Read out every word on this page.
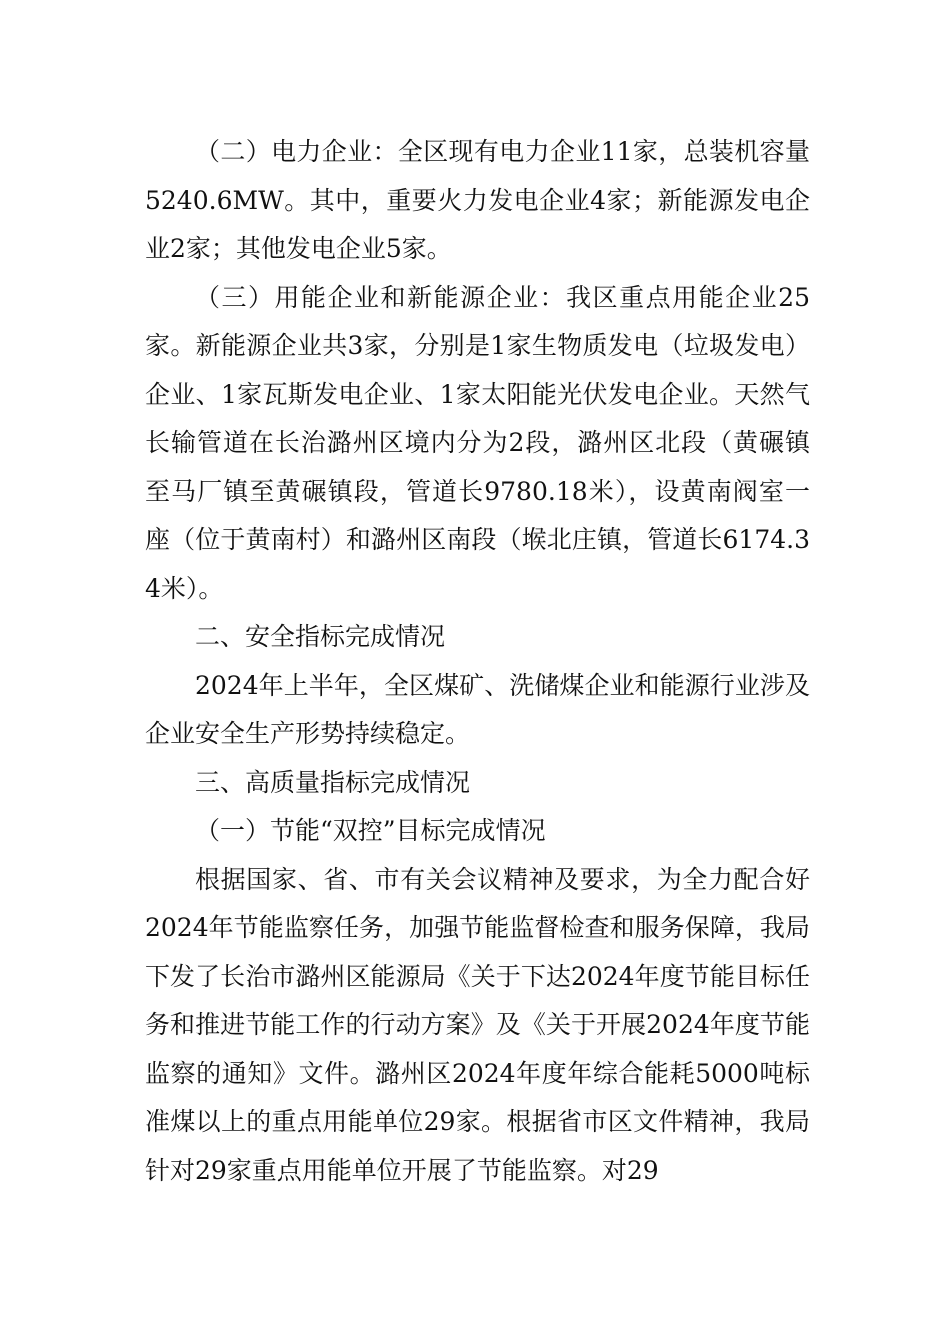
（二）电力企业：全区现有电力企业11家，总装机容量5240.6MW。其中，重要火力发电企业4家；新能源发电企业2家；其他发电企业5家。

（三）用能企业和新能源企业：我区重点用能企业25家。新能源企业共3家，分别是1家生物质发电（垃圾发电）企业、1家瓦斯发电企业、1家太阳能光伏发电企业。天然气长输管道在长治潞州区境内分为2段，潞州区北段（黄碾镇至马厂镇至黄碾镇段，管道长9780.18米），设黄南阀室一座（位于黄南村）和潞州区南段（堠北庄镇，管道长6174.34米）。

二、安全指标完成情况

2024年上半年，全区煤矿、洗储煤企业和能源行业涉及企业安全生产形势持续稳定。

三、高质量指标完成情况

（一）节能“双控”目标完成情况

根据国家、省、市有关会议精神及要求，为全力配合好2024年节能监察任务，加强节能监督检查和服务保障，我局下发了长治市潞州区能源局《关于下达2024年度节能目标任务和推进节能工作的行动方案》及《关于开展2024年度节能监察的通知》文件。潞州区2024年度年综合能耗5000吨标准煤以上的重点用能单位29家。根据省市区文件精神，我局针对29家重点用能单位开展了节能监察。对29
